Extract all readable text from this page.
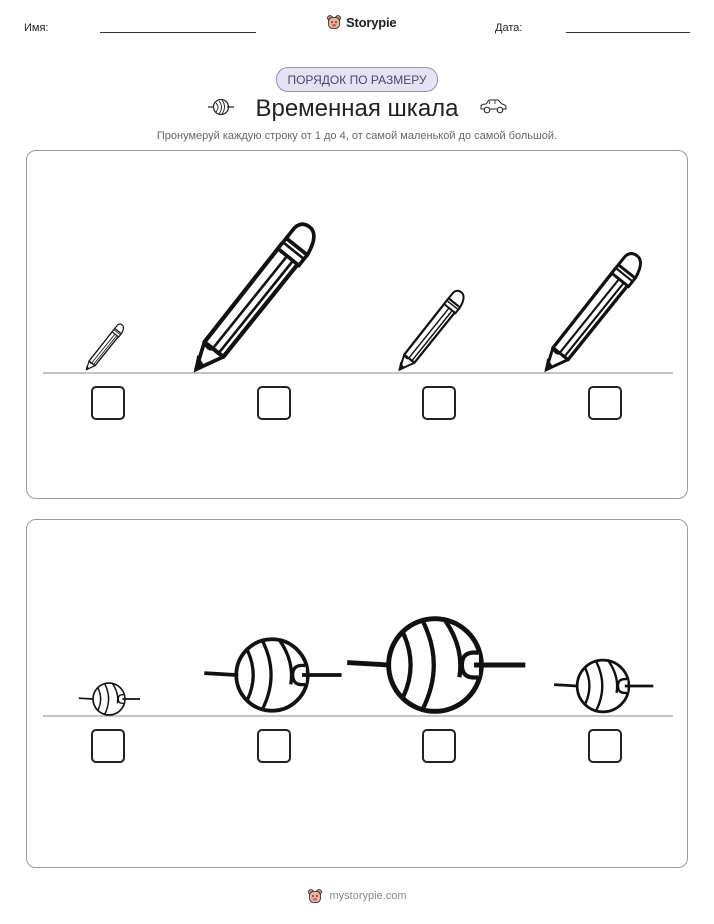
Имя:	Storypie	Дата:
ПОРЯДОК ПО РАЗМЕРУ
Временная шкала
Пронумеруй каждую строку от 1 до 4, от самой маленькой до самой большой.
mystorypie.com
